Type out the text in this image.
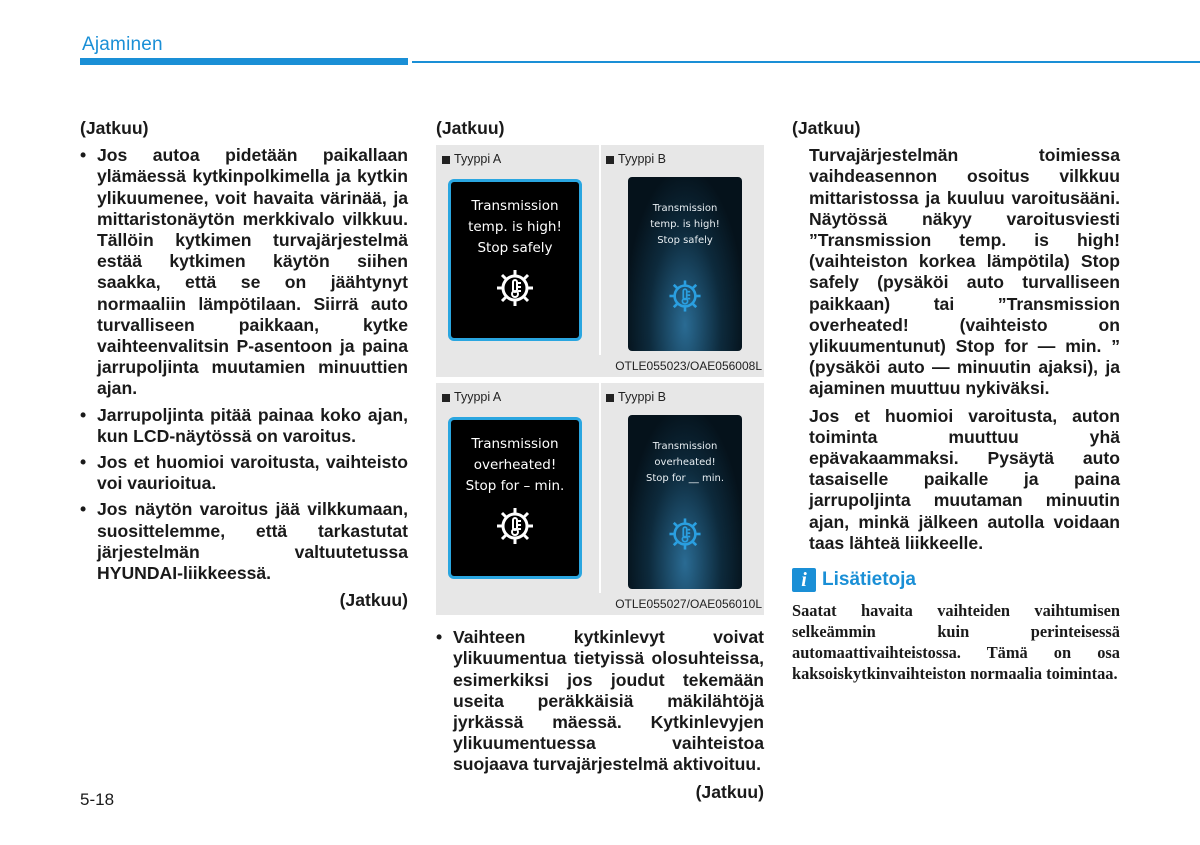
Ajaminen
(Jatkuu)
• Jos autoa pidetään paikallaan ylämäessä kytkinpolkimella ja kytkin ylikuumenee, voit havaita värinää, ja mittaristonäytön merkkivalo vilkkuu. Tällöin kytkimen turvajärjestelmä estää kytkimen käytön siihen saakka, että se on jäähtynyt normaaliin lämpötilaan. Siirrä auto turvalliseen paikkaan, kytke vaihteenvalitsin P-asentoon ja paina jarrupoljinta muutamien minuuttien ajan.
• Jarrupoljinta pitää painaa koko ajan, kun LCD-näytössä on varoitus.
• Jos et huomioi varoitusta, vaihteisto voi vaurioitua.
• Jos näytön varoitus jää vilkkumaan, suosittelemme, että tarkastutat järjestelmän valtuutetussa HYUNDAI-liikkeessä.
(Jatkuu)
(Jatkuu)
Tyyppi A
Transmission
temp. is high!
Stop safely
Tyyppi B
Transmission
temp. is high!
Stop safely
OTLE055023/OAE056008L
Tyyppi A
Transmission
overheated!
Stop for – min.
Tyyppi B
Transmission
overheated!
Stop for __ min.
OTLE055027/OAE056010L
• Vaihteen kytkinlevyt voivat ylikuumentua tietyissä olosuhteissa, esimerkiksi jos joudut tekemään useita peräkkäisiä mäkilähtöjä jyrkässä mäessä. Kytkinlevyjen ylikuumentuessa vaihteistoa suojaava turvajärjestelmä aktivoituu.
(Jatkuu)
(Jatkuu)
Turvajärjestelmän toimiessa vaihdeasennon osoitus vilkkuu mittaristossa ja kuuluu varoitusääni. Näytössä näkyy varoitusviesti ”Transmission temp. is high! (vaihteiston korkea lämpötila) Stop safely (pysäköi auto turvalliseen paikkaan) tai ”Transmission overheated! (vaihteisto on ylikuumentunut) Stop for — min. ” (pysäköi auto — minuutin ajaksi), ja ajaminen muuttuu nykiväksi.
Jos et huomioi varoitusta, auton toiminta muuttuu yhä epävakaammaksi. Pysäytä auto tasaiselle paikalle ja paina jarrupoljinta muutaman minuutin ajan, minkä jälkeen autolla voidaan taas lähteä liikkeelle.
i Lisätietoja
Saatat havaita vaihteiden vaihtumisen selkeämmin kuin perinteisessä automaattivaihteistossa. Tämä on osa kaksoiskytkinvaihteiston normaalia toimintaa.
5-18
